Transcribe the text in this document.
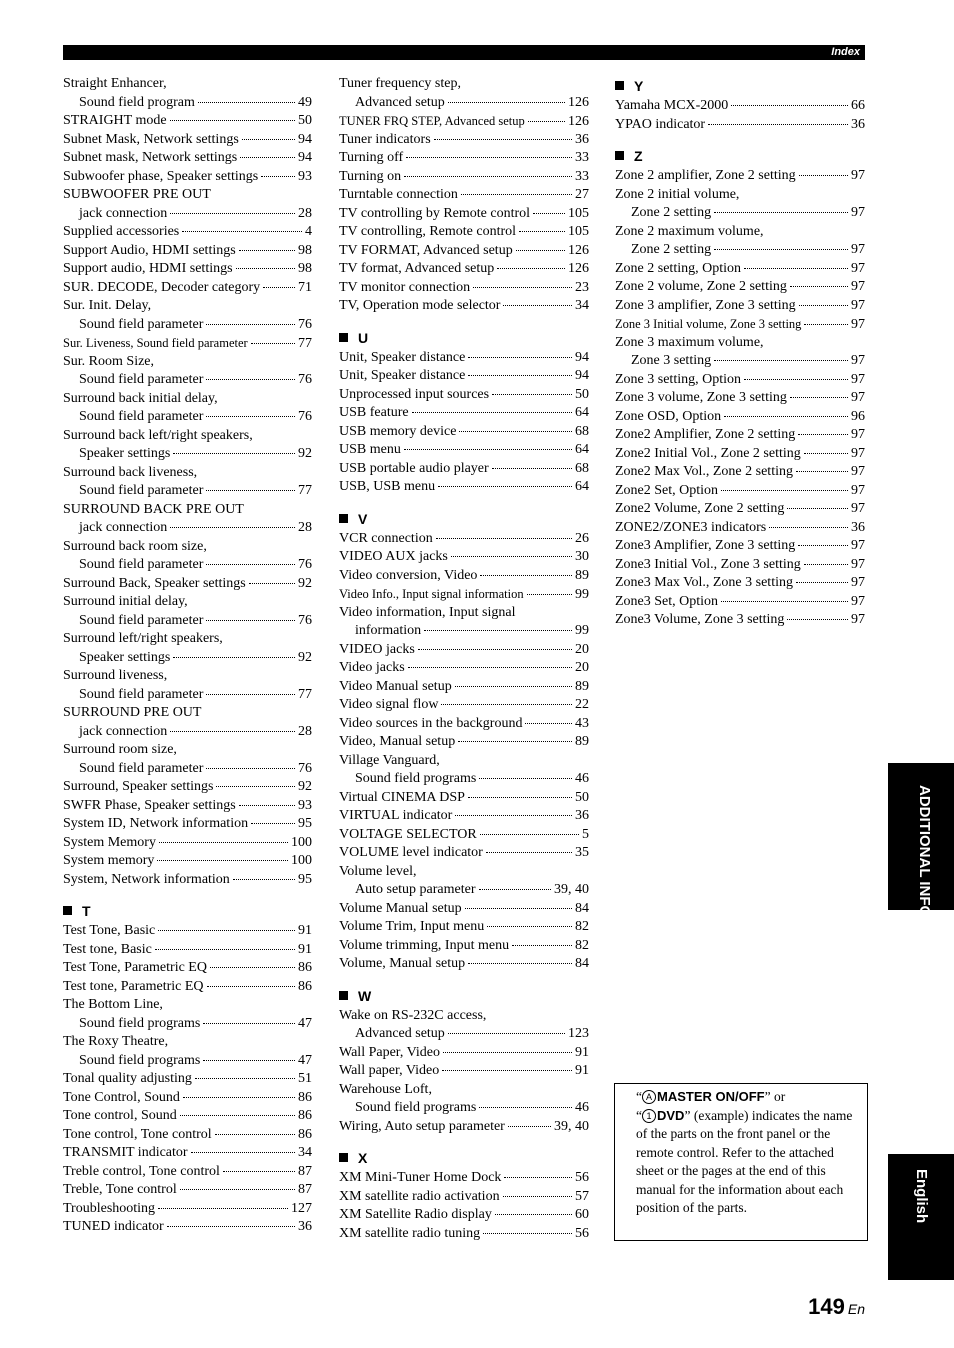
Index
Straight Enhancer,
Sound field program	49
STRAIGHT mode	50
Subnet Mask, Network settings	94
Subnet mask, Network settings	94
Subwoofer phase, Speaker settings	93
SUBWOOFER PRE OUT
jack connection	28
Supplied accessories	4
Support Audio, HDMI settings	98
Support audio, HDMI settings	98
SUR. DECODE, Decoder category	71
Sur. Init. Delay,
Sound field parameter	76
Sur. Liveness, Sound field parameter	77
Sur. Room Size,
Sound field parameter	76
Surround back initial delay,
Sound field parameter	76
Surround back left/right speakers,
Speaker settings	92
Surround back liveness,
Sound field parameter	77
SURROUND BACK PRE OUT
jack connection	28
Surround back room size,
Sound field parameter	76
Surround Back, Speaker settings	92
Surround initial delay,
Sound field parameter	76
Surround left/right speakers,
Speaker settings	92
Surround liveness,
Sound field parameter	77
SURROUND PRE OUT
jack connection	28
Surround room size,
Sound field parameter	76
Surround, Speaker settings	92
SWFR Phase, Speaker settings	93
System ID, Network information	95
System Memory	100
System memory	100
System, Network information	95
T
Test Tone, Basic	91
Test tone, Basic	91
Test Tone, Parametric EQ	86
Test tone, Parametric EQ	86
The Bottom Line,
Sound field programs	47
The Roxy Theatre,
Sound field programs	47
Tonal quality adjusting	51
Tone Control, Sound	86
Tone control, Sound	86
Tone control, Tone control	86
TRANSMIT indicator	34
Treble control, Tone control	87
Treble, Tone control	87
Troubleshooting	127
TUNED indicator	36
Tuner frequency step,
Advanced setup	126
TUNER FRQ STEP, Advanced setup	126
Tuner indicators	36
Turning off	33
Turning on	33
Turntable connection	27
TV controlling by Remote control	105
TV controlling, Remote control	105
TV FORMAT, Advanced setup	126
TV format, Advanced setup	126
TV monitor connection	23
TV, Operation mode selector	34
U
Unit, Speaker distance	94
Unit, Speaker distance	94
Unprocessed input sources	50
USB feature	64
USB memory device	68
USB menu	64
USB portable audio player	68
USB, USB menu	64
V
VCR connection	26
VIDEO AUX jacks	30
Video conversion, Video	89
Video Info., Input signal information	99
Video information, Input signal
information	99
VIDEO jacks	20
Video jacks	20
Video Manual setup	89
Video signal flow	22
Video sources in the background	43
Video, Manual setup	89
Village Vanguard,
Sound field programs	46
Virtual CINEMA DSP	50
VIRTUAL indicator	36
VOLTAGE SELECTOR	5
VOLUME level indicator	35
Volume level,
Auto setup parameter	39, 40
Volume Manual setup	84
Volume Trim, Input menu	82
Volume trimming, Input menu	82
Volume, Manual setup	84
W
Wake on RS-232C access,
Advanced setup	123
Wall Paper, Video	91
Wall paper, Video	91
Warehouse Loft,
Sound field programs	46
Wiring, Auto setup parameter	39, 40
X
XM Mini-Tuner Home Dock	56
XM satellite radio activation	57
XM Satellite Radio display	60
XM satellite radio tuning	56
Y
Yamaha MCX-2000	66
YPAO indicator	36
Z
Zone 2 amplifier, Zone 2 setting	97
Zone 2 initial volume,
Zone 2 setting	97
Zone 2 maximum volume,
Zone 2 setting	97
Zone 2 setting, Option	97
Zone 2 volume, Zone 2 setting	97
Zone 3 amplifier, Zone 3 setting	97
Zone 3 Initial volume, Zone 3 setting	97
Zone 3 maximum volume,
Zone 3 setting	97
Zone 3 setting, Option	97
Zone 3 volume, Zone 3 setting	97
Zone OSD, Option	96
Zone2 Amplifier, Zone 2 setting	97
Zone2 Initial Vol., Zone 2 setting	97
Zone2 Max Vol., Zone 2 setting	97
Zone2 Set, Option	97
Zone2 Volume, Zone 2 setting	97
ZONE2/ZONE3 indicators	36
Zone3 Amplifier, Zone 3 setting	97
Zone3 Initial Vol., Zone 3 setting	97
Zone3 Max Vol., Zone 3 setting	97
Zone3 Set, Option	97
Zone3 Volume, Zone 3 setting	97
ADDITIONAL INFORMATION
English
“ A MASTER ON/OFF” or
“ 1 DVD” (example) indicates the name of the parts on the front panel or the remote control. Refer to the attached sheet or the pages at the end of this manual for the information about each position of the parts.
149 En
